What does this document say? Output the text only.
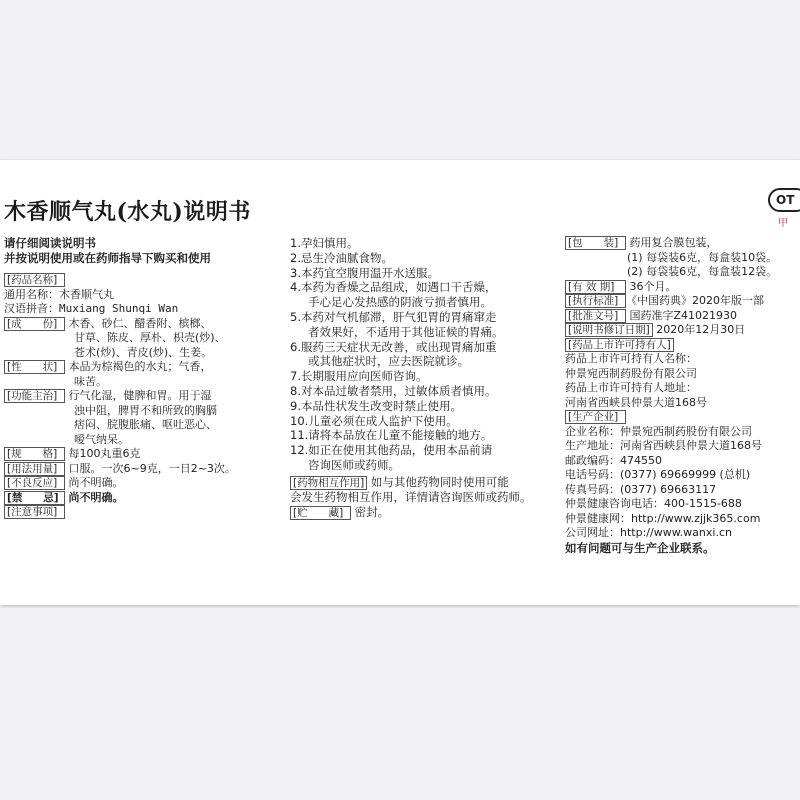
木香顺气丸(水丸)说明书	OT
甲
请仔细阅读说明书
并按说明使用或在药师指导下购买和使用
[药品名称]
通用名称：木香顺气丸
汉语拼音：Muxiang Shunqi Wan
[成　　份] 木香、砂仁、醋香附、槟榔、
甘草、陈皮、厚朴、枳壳(炒)、
苍术(炒)、青皮(炒)、生姜。
[性　　状] 本品为棕褐色的水丸；气香，
味苦。
[功能主治] 行气化湿，健脾和胃。用于湿
浊中阻，脾胃不和所致的胸膈
痞闷、脘腹胀痛、呕吐恶心、
嗳气纳呆。
[规　　格] 每100丸重6克
[用法用量] 口服。一次6~9克，一日2~3次。
[不良反应] 尚不明确。
[禁　　忌] 尚不明确。
[注意事项]
1.孕妇慎用。
2.忌生冷油腻食物。
3.本药宜空腹用温开水送服。
4.本药为香燥之品组成，如遇口干舌燥，
手心足心发热感的阴液亏损者慎用。
5.本药对气机郁滞，肝气犯胃的胃痛窜走
者效果好，不适用于其他证候的胃痛。
6.服药三天症状无改善，或出现胃痛加重
或其他症状时，应去医院就诊。
7.长期服用应向医师咨询。
8.对本品过敏者禁用，过敏体质者慎用。
9.本品性状发生改变时禁止使用。
10.儿童必须在成人监护下使用。
11.请将本品放在儿童不能接触的地方。
12.如正在使用其他药品，使用本品前请
咨询医师或药师。
[药物相互作用] 如与其他药物同时使用可能
会发生药物相互作用，详情请咨询医师或药师。
[贮　　藏] 密封。
[包　　装] 药用复合膜包装，
(1) 每袋装6克，每盒装10袋。
(2) 每袋装6克，每盒装12袋。
[有 效 期] 36个月。
[执行标准] 《中国药典》2020年版一部
[批准文号] 国药准字Z41021930
[说明书修订日期] 2020年12月30日
[药品上市许可持有人]
药品上市许可持有人名称：
仲景宛西制药股份有限公司
药品上市许可持有人地址：
河南省西峡县仲景大道168号
[生产企业]
企业名称：仲景宛西制药股份有限公司
生产地址：河南省西峡县仲景大道168号
邮政编码：474550
电话号码：(0377) 69669999 (总机)
传真号码：(0377) 69663117
仲景健康咨询电话：400-1515-688
仲景健康网：http://www.zjjk365.com
公司网址：http://www.wanxi.cn
如有问题可与生产企业联系。
